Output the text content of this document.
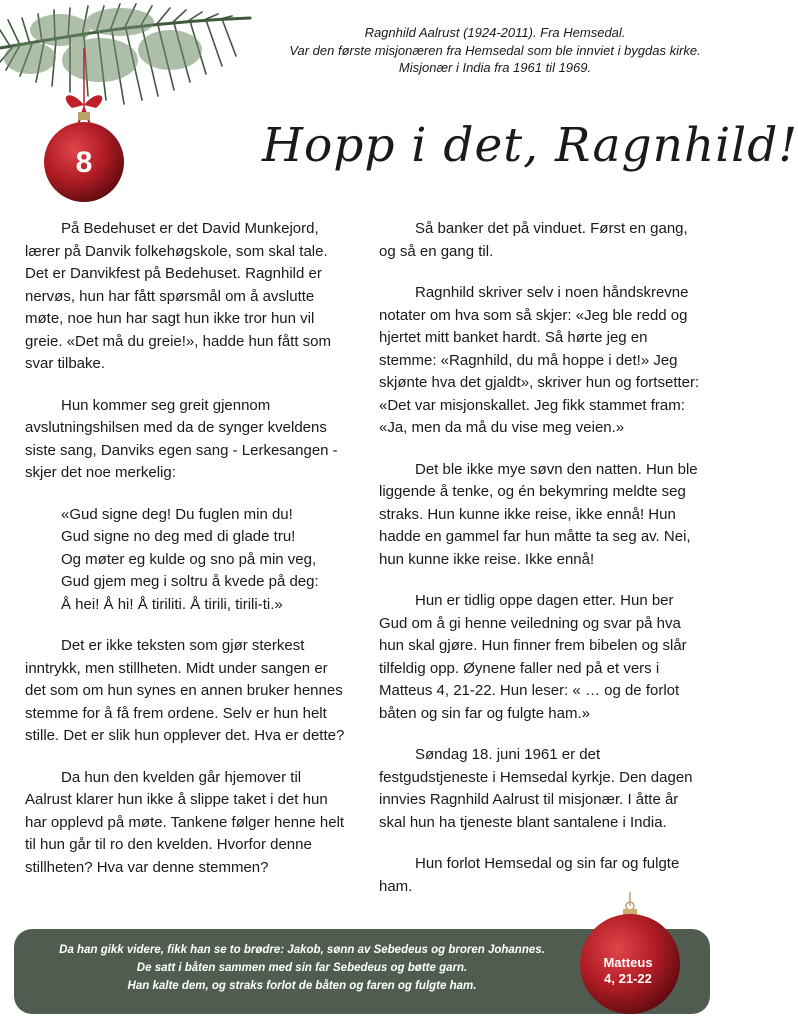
8
Ragnhild Aalrust (1924-2011). Fra Hemsedal.
Var den første misjonæren fra Hemsedal som ble innviet i bygdas kirke.
Misjonær i India fra 1961 til 1969.
Hopp i det, Ragnhild!

På Bedehuset er det David Munkejord, lærer på Danvik folkehøgskole, som skal tale. Det er Danvikfest på Bedehuset. Ragnhild er nervøs, hun har fått spørsmål om å avslutte møte, noe hun har sagt hun ikke tror hun vil greie. «Det må du greie!», hadde hun fått som svar tilbake.

Hun kommer seg greit gjennom avslutningshilsen med da de synger kveldens siste sang, Danviks egen sang - Lerkesangen - skjer det noe merkelig:

«Gud signe deg! Du fuglen min du!
Gud signe no deg med di glade tru!
Og møter eg kulde og sno på min veg,
Gud gjem meg i soltru å kvede på deg:
Å hei! Å hi! Å tiriliti. Å tirili, tirili-ti.»

Det er ikke teksten som gjør sterkest inntrykk, men stillheten. Midt under sangen er det som om hun synes en annen bruker hennes stemme for å få frem ordene. Selv er hun helt stille. Det er slik hun opplever det. Hva er dette?

Da hun den kvelden går hjemover til Aalrust klarer hun ikke å slippe taket i det hun har opplevd på møte. Tankene følger henne helt til hun går til ro den kvelden. Hvorfor denne stillheten? Hva var denne stemmen?

Så banker det på vinduet. Først en gang, og så en gang til.

Ragnhild skriver selv i noen håndskrevne notater om hva som så skjer: «Jeg ble redd og hjertet mitt banket hardt. Så hørte jeg en stemme: «Ragnhild, du må hoppe i det!» Jeg skjønte hva det gjaldt», skriver hun og fortsetter: «Det var misjonskallet. Jeg fikk stammet fram: «Ja, men da må du vise meg veien.»

Det ble ikke mye søvn den natten. Hun ble liggende å tenke, og én bekymring meldte seg straks. Hun kunne ikke reise, ikke ennå! Hun hadde en gammel far hun måtte ta seg av. Nei, hun kunne ikke reise. Ikke ennå!

Hun er tidlig oppe dagen etter. Hun ber Gud om å gi henne veiledning og svar på hva hun skal gjøre. Hun finner frem bibelen og slår tilfeldig opp. Øynene faller ned på et vers i Matteus 4, 21-22. Hun leser: « … og de forlot båten og sin far og fulgte ham.»

Søndag 18. juni 1961 er det festgudstjeneste i Hemsedal kyrkje. Den dagen innvies Ragnhild Aalrust til misjonær. I åtte år skal hun ha tjeneste blant santalene i India.

Hun forlot Hemsedal og sin far og fulgte ham.

Da han gikk videre, fikk han se to brødre: Jakob, sønn av Sebedeus og broren Johannes.
De satt i båten sammen med sin far Sebedeus og bøtte garn.
Han kalte dem, og straks forlot de båten og faren og fulgte ham.
Matteus
4, 21-22
